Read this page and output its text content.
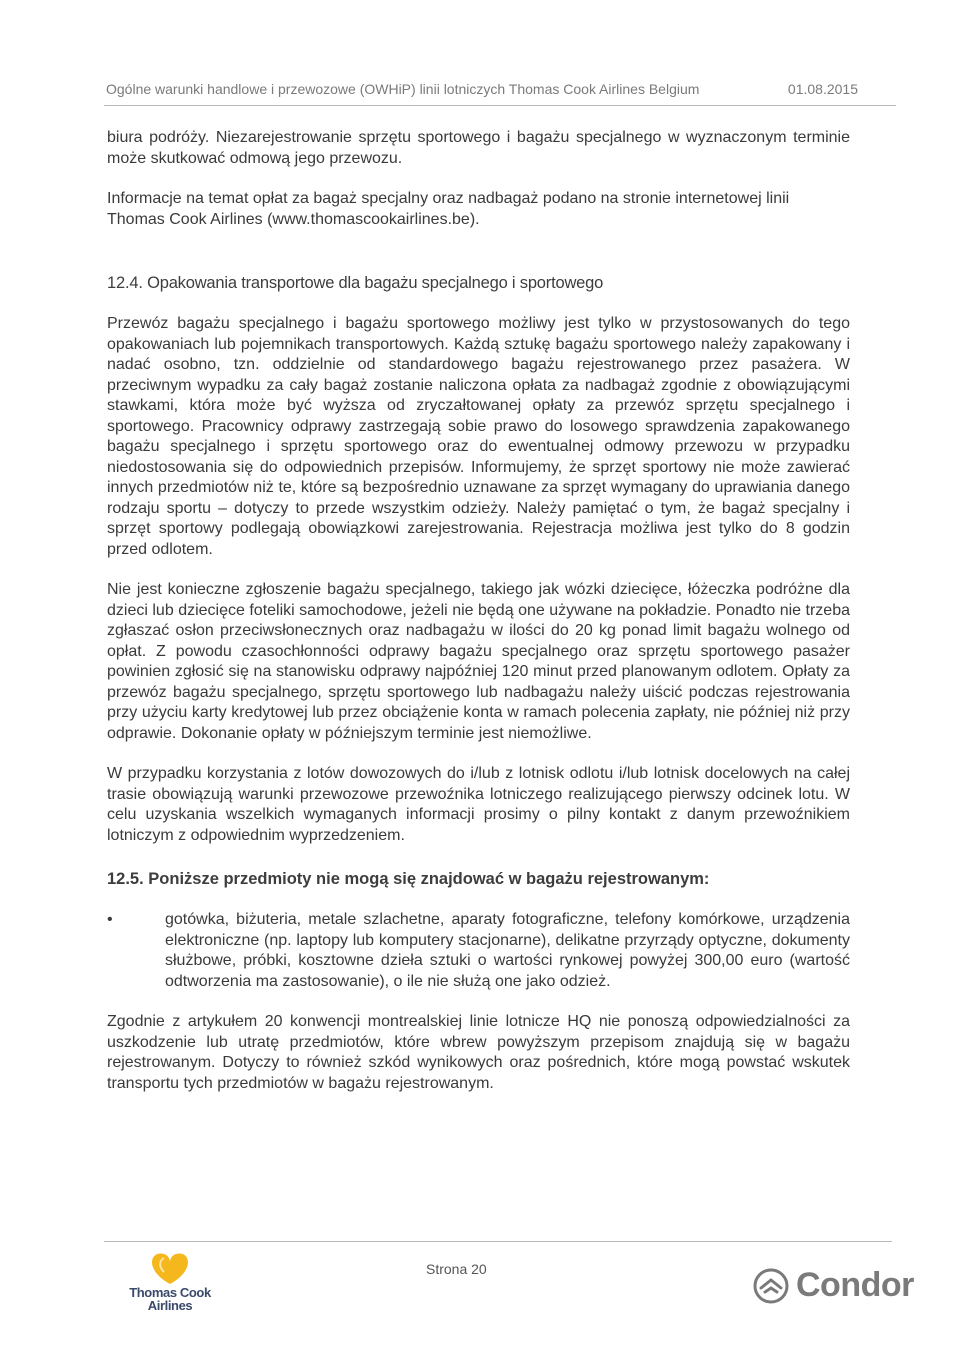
Ogólne warunki handlowe i przewozowe (OWHiP) linii lotniczych Thomas Cook Airlines Belgium	01.08.2015

biura podróży. Niezarejestrowanie sprzętu sportowego i bagażu specjalnego w wyznaczonym terminie może skutkować odmową jego przewozu.

Informacje na temat opłat za bagaż specjalny oraz nadbagaż podano na stronie internetowej linii Thomas Cook Airlines (www.thomascookairlines.be).

12.4. Opakowania transportowe dla bagażu specjalnego i sportowego

Przewóz bagażu specjalnego i bagażu sportowego możliwy jest tylko w przystosowanych do tego opakowaniach lub pojemnikach transportowych. Każdą sztukę bagażu sportowego należy zapakowany i nadać osobno, tzn. oddzielnie od standardowego bagażu rejestrowanego przez pasażera. W przeciwnym wypadku za cały bagaż zostanie naliczona opłata za nadbagaż zgodnie z obowiązującymi stawkami, która może być wyższa od zryczałtowanej opłaty za przewóz sprzętu specjalnego i sportowego. Pracownicy odprawy zastrzegają sobie prawo do losowego sprawdzenia zapakowanego bagażu specjalnego i sprzętu sportowego oraz do ewentualnej odmowy przewozu w przypadku niedostosowania się do odpowiednich przepisów. Informujemy, że sprzęt sportowy nie może zawierać innych przedmiotów niż te, które są bezpośrednio uznawane za sprzęt wymagany do uprawiania danego rodzaju sportu – dotyczy to przede wszystkim odzieży. Należy pamiętać o tym, że bagaż specjalny i sprzęt sportowy podlegają obowiązkowi zarejestrowania. Rejestracja możliwa jest tylko do 8 godzin przed odlotem.

Nie jest konieczne zgłoszenie bagażu specjalnego, takiego jak wózki dziecięce, łóżeczka podróżne dla dzieci lub dziecięce foteliki samochodowe, jeżeli nie będą one używane na pokładzie. Ponadto nie trzeba zgłaszać osłon przeciwsłonecznych oraz nadbagażu w ilości do 20 kg ponad limit bagażu wolnego od opłat. Z powodu czasochłonności odprawy bagażu specjalnego oraz sprzętu sportowego pasażer powinien zgłosić się na stanowisku odprawy najpóźniej 120 minut przed planowanym odlotem. Opłaty za przewóz bagażu specjalnego, sprzętu sportowego lub nadbagażu należy uiścić podczas rejestrowania przy użyciu karty kredytowej lub przez obciążenie konta w ramach polecenia zapłaty, nie później niż przy odprawie. Dokonanie opłaty w późniejszym terminie jest niemożliwe.

W przypadku korzystania z lotów dowozowych do i/lub z lotnisk odlotu i/lub lotnisk docelowych na całej trasie obowiązują warunki przewozowe przewoźnika lotniczego realizującego pierwszy odcinek lotu. W celu uzyskania wszelkich wymaganych informacji prosimy o pilny kontakt z danym przewoźnikiem lotniczym z odpowiednim wyprzedzeniem.

12.5. Poniższe przedmioty nie mogą się znajdować w bagażu rejestrowanym:
•	gotówka, biżuteria, metale szlachetne, aparaty fotograficzne, telefony komórkowe, urządzenia elektroniczne (np. laptopy lub komputery stacjonarne), delikatne przyrządy optyczne, dokumenty służbowe, próbki, kosztowne dzieła sztuki o wartości rynkowej powyżej 300,00 euro (wartość odtworzenia ma zastosowanie), o ile nie służą one jako odzież.

Zgodnie z artykułem 20 konwencji montrealskiej linie lotnicze HQ nie ponoszą odpowiedzialności za uszkodzenie lub utratę przedmiotów, które wbrew powyższym przepisom znajdują się w bagażu rejestrowanym. Dotyczy to również szkód wynikowych oraz pośrednich, które mogą powstać wskutek transportu tych przedmiotów w bagażu rejestrowanym.

Strona 20
Thomas Cook
Airlines
Condor
